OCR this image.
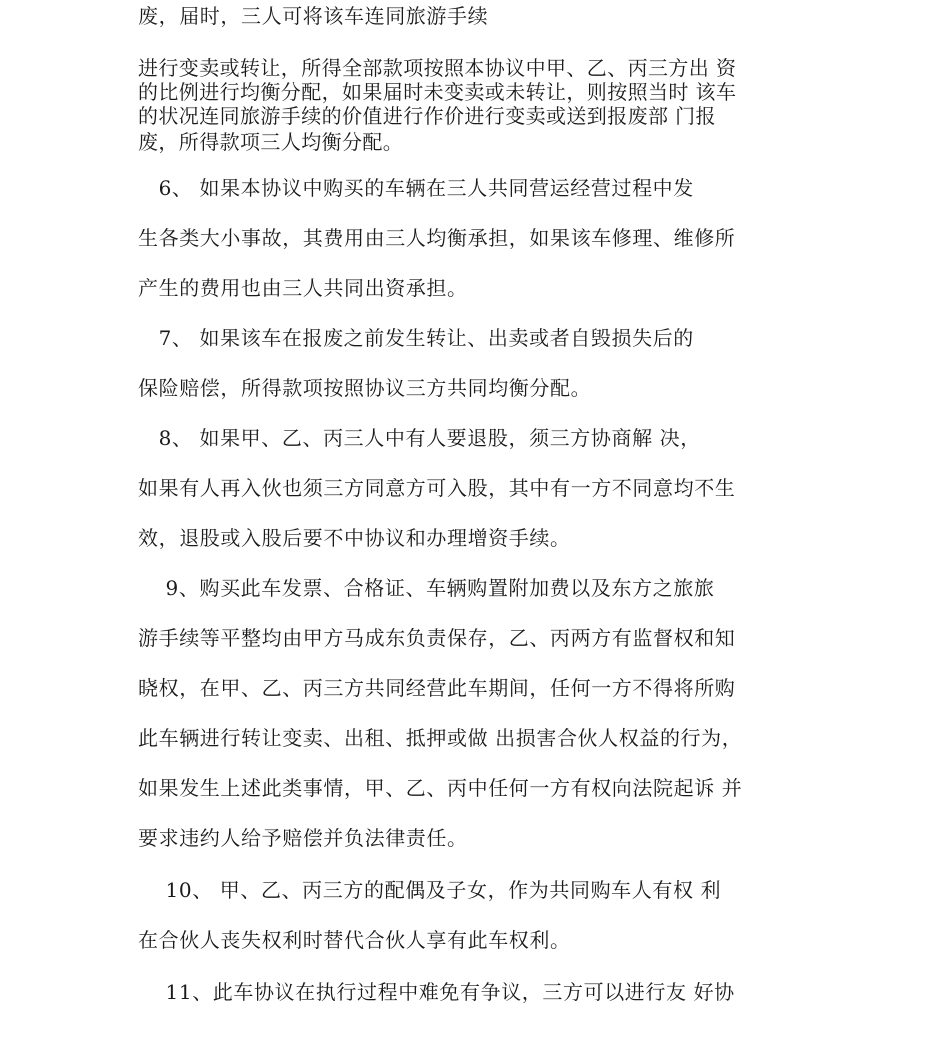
废，届时，三人可将该车连同旅游手续
进行变卖或转让，所得全部款项按照本协议中甲、乙、丙三方出 资
的比例进行均衡分配，如果届时未变卖或未转让，则按照当时 该车
的状况连同旅游手续的价值进行作价进行变卖或送到报废部 门报
废，所得款项三人均衡分配。
　6、 如果本协议中购买的车辆在三人共同营运经营过程中发
生各类大小事故，其费用由三人均衡承担，如果该车修理、维修所
产生的费用也由三人共同出资承担。
　7、 如果该车在报废之前发生转让、出卖或者自毁损失后的
保险赔偿，所得款项按照协议三方共同均衡分配。
　8、 如果甲、乙、丙三人中有人要退股，须三方协商解 决，
如果有人再入伙也须三方同意方可入股，其中有一方不同意均不生
效，退股或入股后要不中协议和办理增资手续。
　 9、购买此车发票、合格证、车辆购置附加费以及东方之旅旅
游手续等平整均由甲方马成东负责保存，乙、丙两方有监督权和知
晓权，在甲、乙、丙三方共同经营此车期间，任何一方不得将所购
此车辆进行转让变卖、出租、抵押或做 出损害合伙人权益的行为，
如果发生上述此类事情，甲、乙、丙中任何一方有权向法院起诉 并
要求违约人给予赔偿并负法律责任。
　 10、 甲、乙、丙三方的配偶及子女，作为共同购车人有权 利
在合伙人丧失权利时替代合伙人享有此车权利。
　 11、此车协议在执行过程中难免有争议，三方可以进行友 好协
